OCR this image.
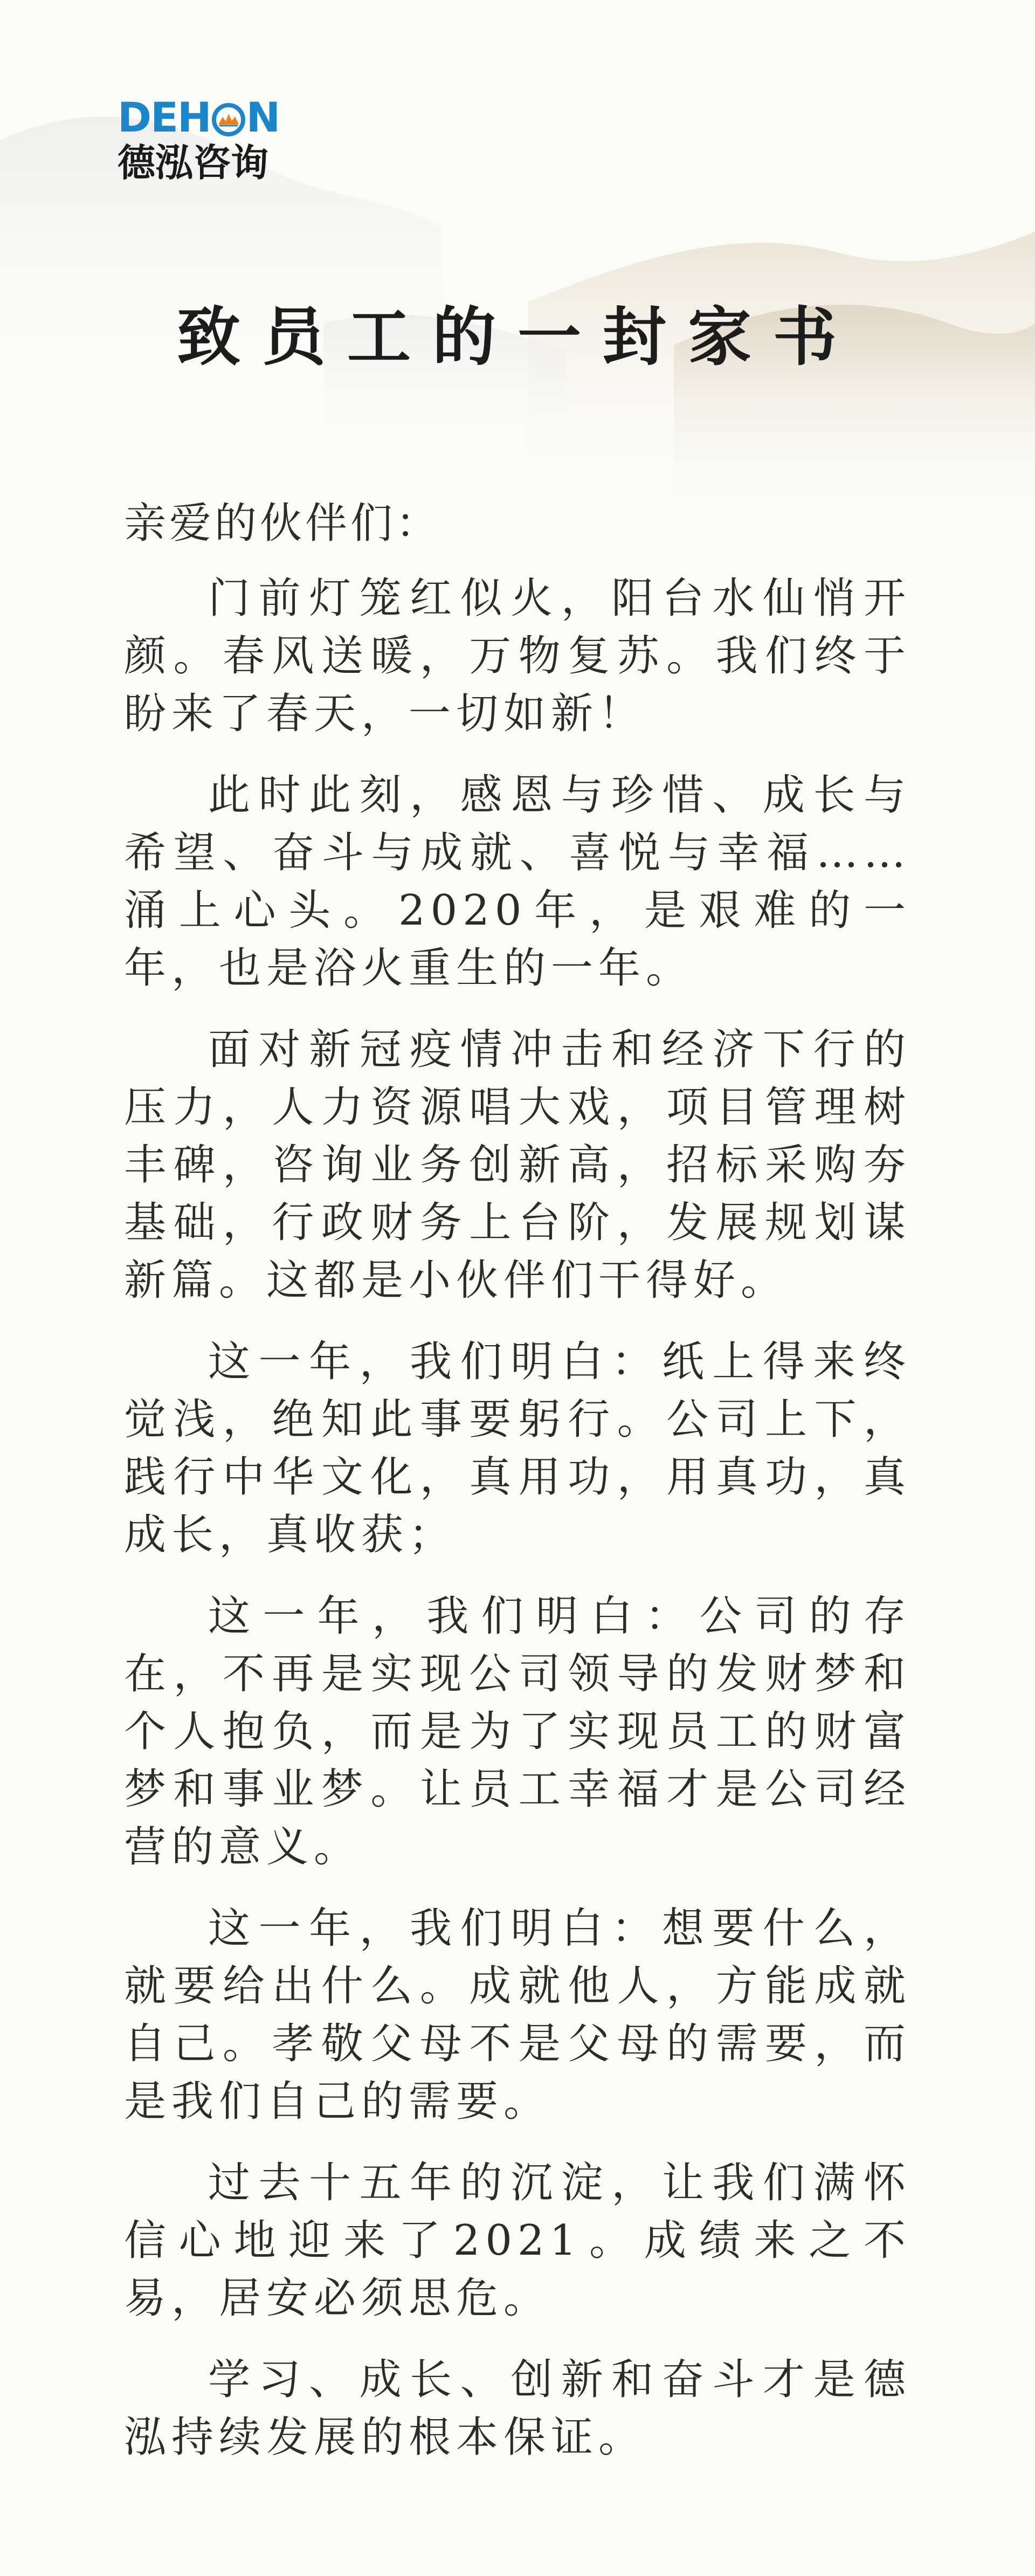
DEH N
德泓咨询
致员工的一封家书

亲爱的伙伴们：

门前灯笼红似火，阳台水仙悄开颜。春风送暖，万物复苏。我们终于盼来了春天，一切如新！

此时此刻，感恩与珍惜、成长与希望、奋斗与成就、喜悦与幸福……涌上心头。2020年，是艰难的一年，也是浴火重生的一年。

面对新冠疫情冲击和经济下行的压力，人力资源唱大戏，项目管理树丰碑，咨询业务创新高，招标采购夯基础，行政财务上台阶，发展规划谋新篇。这都是小伙伴们干得好。

这一年，我们明白：纸上得来终觉浅，绝知此事要躬行。公司上下，践行中华文化，真用功，用真功，真成长，真收获；

这一年，我们明白：公司的存在，不再是实现公司领导的发财梦和个人抱负，而是为了实现员工的财富梦和事业梦。让员工幸福才是公司经营的意义。

这一年，我们明白：想要什么，就要给出什么。成就他人，方能成就自己。孝敬父母不是父母的需要，而是我们自己的需要。

过去十五年的沉淀，让我们满怀信心地迎来了2021。成绩来之不易，居安必须思危。

学习、成长、创新和奋斗才是德泓持续发展的根本保证。
